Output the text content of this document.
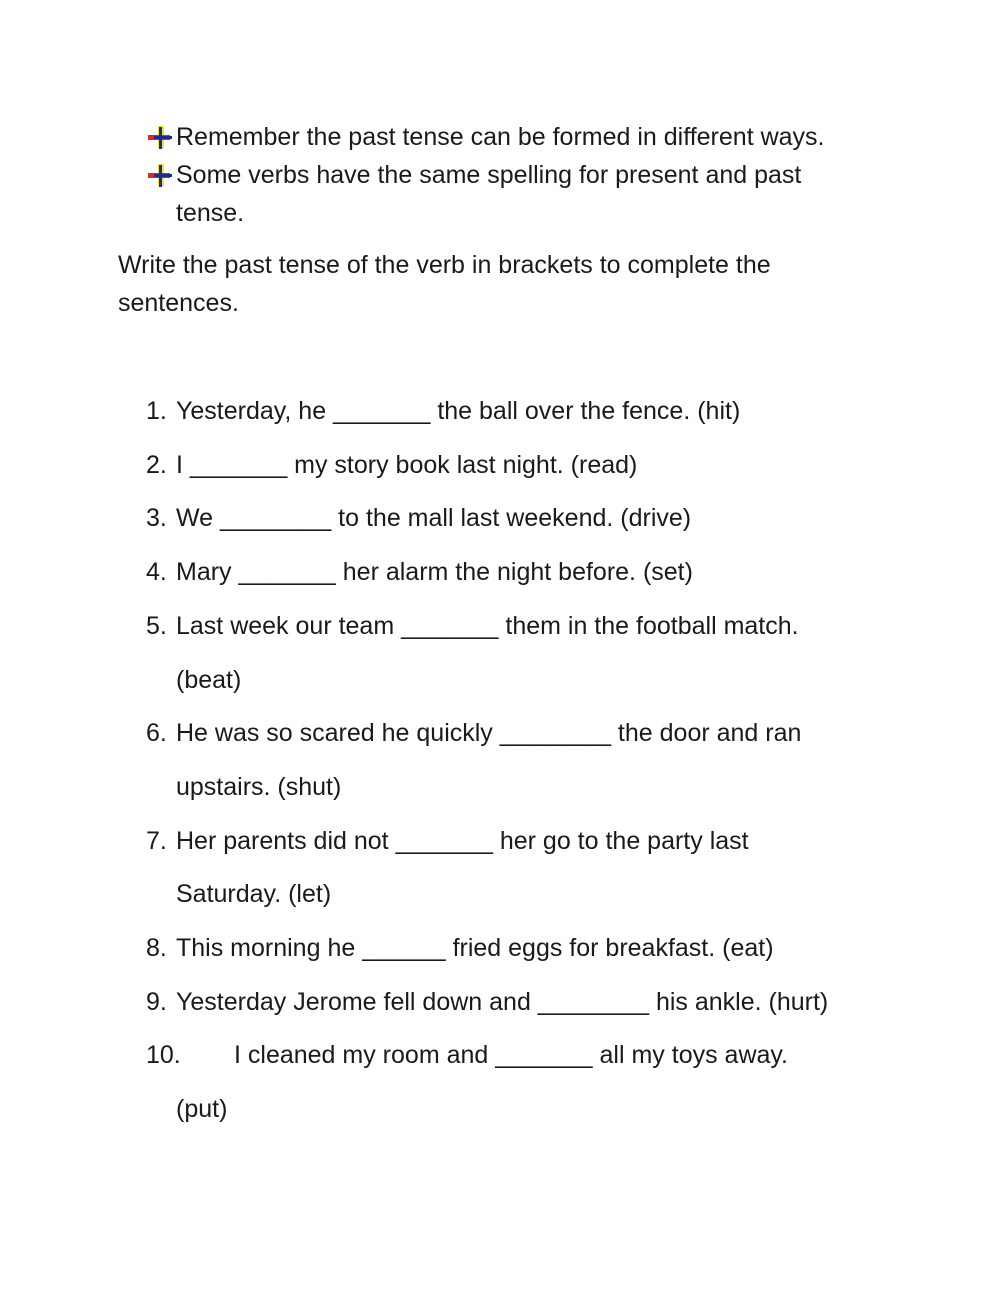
Remember the past tense can be formed in different ways.
Some verbs have the same spelling for present and past
tense.
Write the past tense of the verb in brackets to complete the
sentences.
1. Yesterday, he _______ the ball over the fence. (hit)
2. I _______ my story book last night. (read)
3. We ________ to the mall last weekend. (drive)
4. Mary _______ her alarm the night before. (set)
5. Last week our team _______ them in the football match.
(beat)
6. He was so scared he quickly ________ the door and ran
upstairs. (shut)
7. Her parents did not _______ her go to the party last
Saturday. (let)
8. This morning he ______ fried eggs for breakfast. (eat)
9. Yesterday Jerome fell down and ________ his ankle. (hurt)
10. I cleaned my room and _______ all my toys away.
(put)
